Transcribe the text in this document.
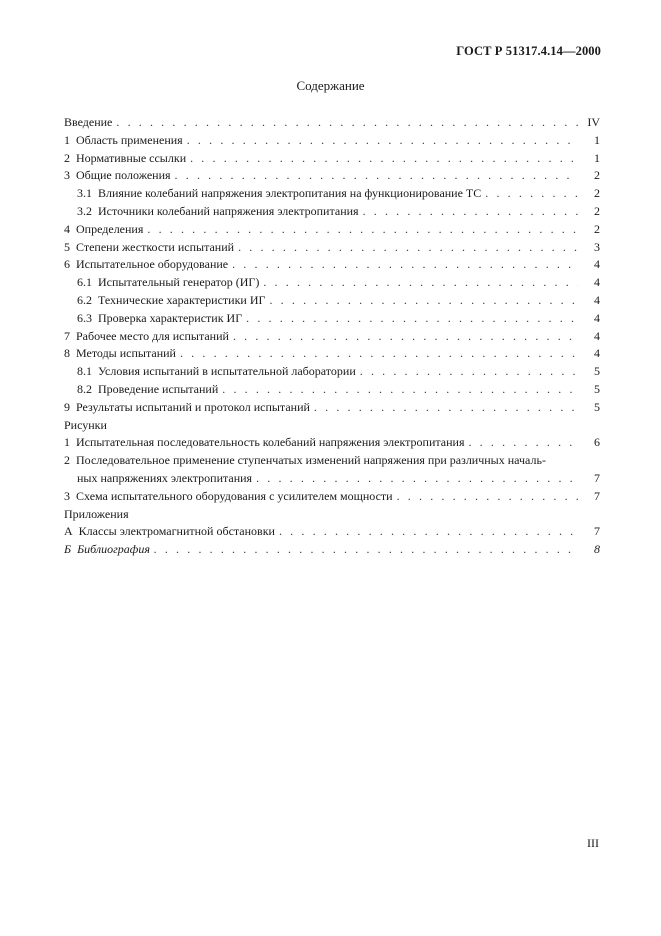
ГОСТ Р 51317.4.14—2000
Содержание
Введение . . .	IV
1 Область применения . . .	1
2 Нормативные ссылки . . .	1
3 Общие положения . . .	2
3.1 Влияние колебаний напряжения электропитания на функционирование ТС . . .	2
3.2 Источники колебаний напряжения электропитания . . .	2
4 Определения . . .	2
5 Степени жесткости испытаний . . .	3
6 Испытательное оборудование . . .	4
6.1 Испытательный генератор (ИГ) . . .	4
6.2 Технические характеристики ИГ . . .	4
6.3 Проверка характеристик ИГ . . .	4
7 Рабочее место для испытаний . . .	4
8 Методы испытаний . . .	4
8.1 Условия испытаний в испытательной лаборатории . . .	5
8.2 Проведение испытаний . . .	5
9 Результаты испытаний и протокол испытаний . . .	5
Рисунки
1 Испытательная последовательность колебаний напряжения электропитания . . .	6
2 Последовательное применение ступенчатых изменений напряжения при различных началь-
ных напряжениях электропитания . . .	7
3 Схема испытательного оборудования с усилителем мощности . . .	7
Приложения
А Классы электромагнитной обстановки . . .	7
Б Библиография . . .	8
III
